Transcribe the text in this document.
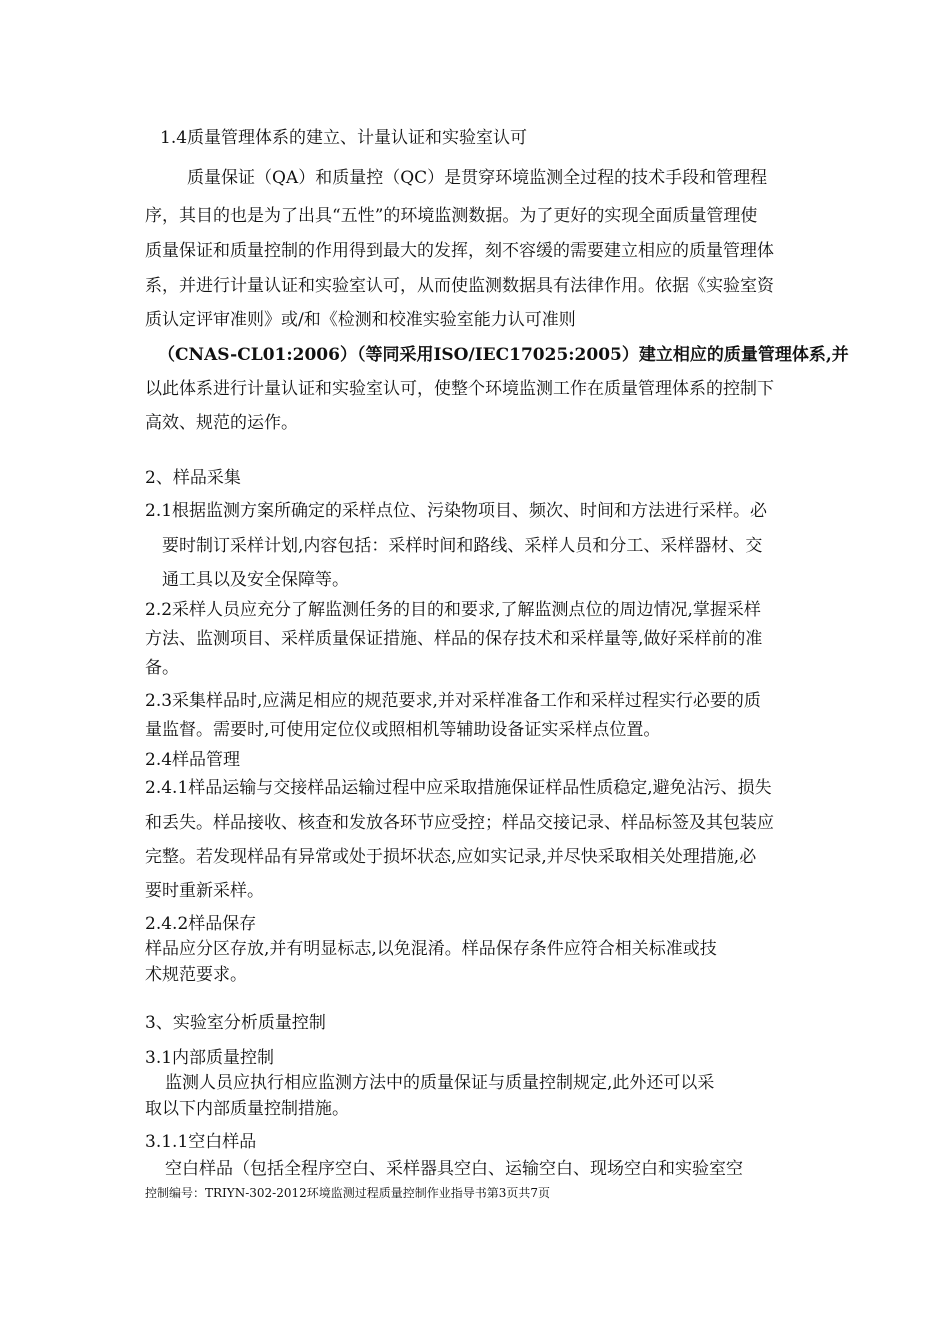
1.4质量管理体系的建立、计量认证和实验室认可
质量保证（QA）和质量控（QC）是贯穿环境监测全过程的技术手段和管理程
序，其目的也是为了出具“五性”的环境监测数据。为了更好的实现全面质量管理使
质量保证和质量控制的作用得到最大的发挥，刻不容缓的需要建立相应的质量管理体
系，并进行计量认证和实验室认可，从而使监测数据具有法律作用。依据《实验室资
质认定评审准则》或/和《检测和校准实验室能力认可准则
（CNAS-CL01:2006）（等同采用ISO/IEC17025:2005）建立相应的质量管理体系,并
以此体系进行计量认证和实验室认可，使整个环境监测工作在质量管理体系的控制下
高效、规范的运作。
2、样品采集
2.1根据监测方案所确定的采样点位、污染物项目、频次、时间和方法进行采样。必
要时制订采样计划,内容包括：采样时间和路线、采样人员和分工、采样器材、交
通工具以及安全保障等。
2.2采样人员应充分了解监测任务的目的和要求,了解监测点位的周边情况,掌握采样
方法、监测项目、采样质量保证措施、样品的保存技术和采样量等,做好采样前的准
备。
2.3采集样品时,应满足相应的规范要求,并对采样准备工作和采样过程实行必要的质
量监督。需要时,可使用定位仪或照相机等辅助设备证实采样点位置。
2.4样品管理
2.4.1样品运输与交接样品运输过程中应采取措施保证样品性质稳定,避免沾污、损失
和丢失。样品接收、核查和发放各环节应受控；样品交接记录、样品标签及其包装应
完整。若发现样品有异常或处于损坏状态,应如实记录,并尽快采取相关处理措施,必
要时重新采样。
2.4.2样品保存
样品应分区存放,并有明显标志,以免混淆。样品保存条件应符合相关标准或技
术规范要求。
3、实验室分析质量控制
3.1内部质量控制
监测人员应执行相应监测方法中的质量保证与质量控制规定,此外还可以采
取以下内部质量控制措施。
3.1.1空白样品
空白样品（包括全程序空白、采样器具空白、运输空白、现场空白和实验室空
控制编号：TRIYN-302-2012环境监测过程质量控制作业指导书第3页共7页
